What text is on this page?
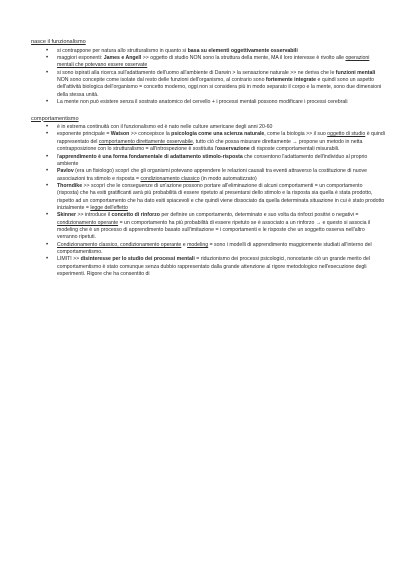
nasce il funzionalismo
• si contrappone per natura allo strutturalismo in quanto si basa su elementi oggettivamente osservabili
• maggiori esponenti: James e Angell >> oggetto di studio NON sono la struttura della mente, MA il loro interesse è rivolto alle operazioni mentali che potevano essere osservate
• si sono ispirati alla ricerca sull'adattamento dell'uomo all'ambiente di Darwin > la sensazione naturale >> ne deriva che le funzioni mentali NON sono concepite come isolate dal resto delle funzioni dell'organismo, al contrario sono fortemente integrate e quindi sono un aspetto dell'attività biologica dell'organismo = concetto moderno, oggi non si considera più in modo separato il corpo e la mente, sono due dimensioni della stessa unità.
• La mente non può esistere senza il sostrato anatomico del cervello + i processi mentali possono modificare i processi cerebrali
comportamentismo
• è in estrema continuità con il funzionalismo ed è nato nelle culture americane degli anni 20-60
• esponente principale = Watson >> concepisce la psicologia come una scienza naturale, come la biologia >> il suo oggetto di studio è quindi rappresentato del comportamento direttamente osservabile, tutto ciò che possa misurare direttamente → propone un metodo in netta contrapposizione con lo strutturalismo = all'introspezione è sostituita l'osservazione di risposte comportamentali misurabili.
• l'apprendimento è una forma fondamentale di adattamento stimolo-risposta che consentono l'adattamento dell'individuo al proprio ambiente
• Pavlov (era un fisiologo) scoprì che gli organismi potevano apprendere le relazioni causali tra eventi attraverso la costituzione di nuove associazioni tra stimolo e risposta = condizionamento classico (in modo automatizzato)
• Thorndike >> scoprì che le conseguenze di un'azione possono portare all'eliminazione di alcuni comportamenti = un comportamento (risposta) che ha esiti gratificanti avrà più probabilità di essere ripetuto al presentarsi dello stimolo e la risposta sia quella è stata prodotto, rispetto ad un comportamento che ha dato esiti spiacevoli e che quindi viene dissociato da quella determinata situazione in cui è stato prodotto inizialmente = legge dell'effetto
• Skinner >> introduce il concetto di rinforzo per definire un comportamento, determinato e suo volta da rinforzi positivi o negativi = condizionamento operante = un comportamento ha più probabilità di essere ripetuto se è associato a un rinforzo → e questo si associa il modeling che è un processo di apprendimento basato sull'imitazione = i comportamenti e le risposte che un soggetto osserva nell'altro verranno ripetuti.
• Condizionamento classico, condizionamento operante e modeling = sono i modelli di apprendimento maggiormente studiati all'interno del comportamentismo.
• LIMITI >> disinteresse per lo studio dei processi mentali = riduzionismo dei processi psicologici, nonostante ciò un grande merito del comportamentismo è stato comunque senza dubbio rappresentato dalla grande attenzione al rigore metodologico nell'esecuzione degli esperimenti. Rigore che ha consentito di
